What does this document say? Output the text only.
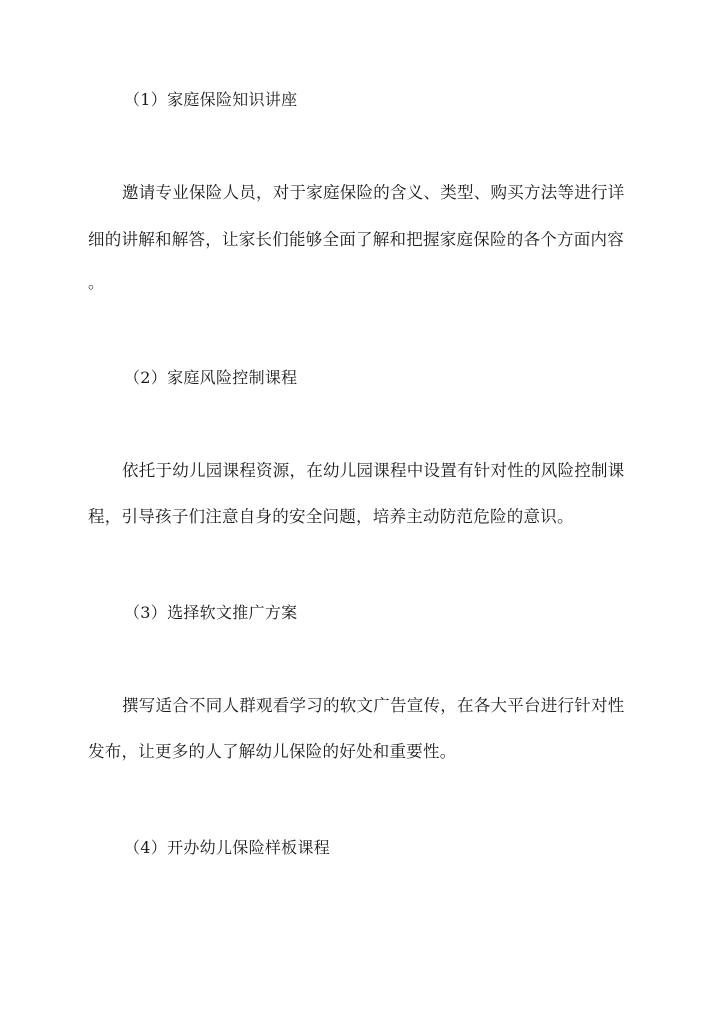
（1）家庭保险知识讲座
邀请专业保险人员，对于家庭保险的含义、类型、购买方法等进行详
细的讲解和解答，让家长们能够全面了解和把握家庭保险的各个方面内容
。
（2）家庭风险控制课程
依托于幼儿园课程资源，在幼儿园课程中设置有针对性的风险控制课
程，引导孩子们注意自身的安全问题，培养主动防范危险的意识。
（3）选择软文推广方案
撰写适合不同人群观看学习的软文广告宣传，在各大平台进行针对性
发布，让更多的人了解幼儿保险的好处和重要性。
（4）开办幼儿保险样板课程
